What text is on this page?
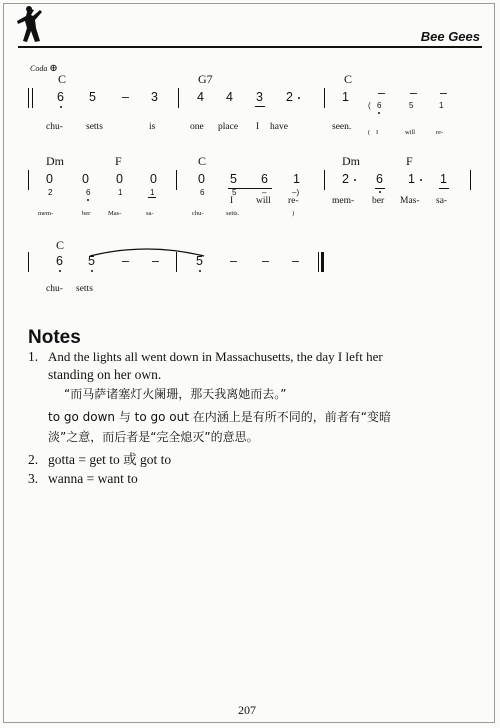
Bee Gees
Coda ⊕
C	G7	C
6 5 – 3	4 4 3 2	1 – – –
( 6	5	1
chu- setts	is	one place I have	seen.
( I	will	re-
Dm	F	C	Dm	F
0 0 0 0	0 5 6 1	2 6 1 1
2	6	1	1	6	5	–	–)
I will re-	mem- ber Mas- sa-
mem-	ber	Mas-	sa-	chu-	setts.	)
C
6 5 – –	5 – – –
chu- setts
Notes
1. And the lights all went down in Massachusetts, the day I left her
standing on her own.
“而马萨诸塞灯火阑珊，那天我离她而去。”
to go down 与 to go out 在内涵上是有所不同的，前者有“变暗
淡”之意，而后者是“完全熄灭”的意思。
2. gotta = get to 或 got to
3. wanna = want to
207
